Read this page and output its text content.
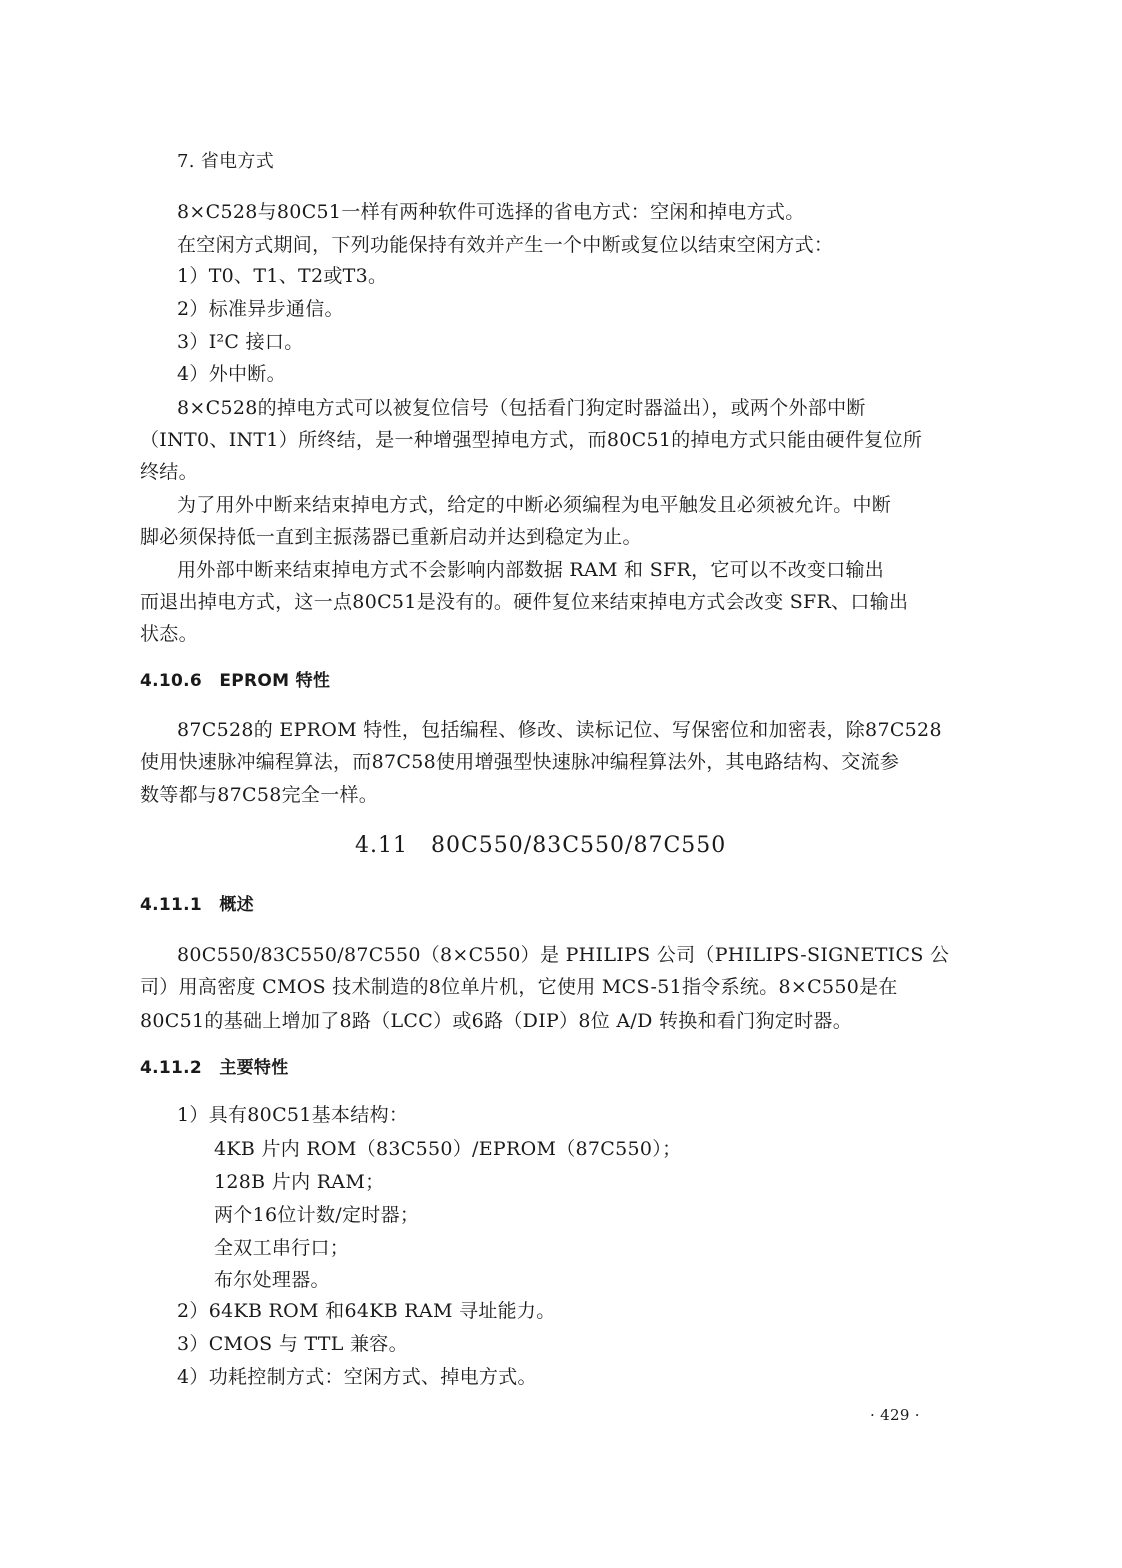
7. 省电方式
8×C528与80C51一样有两种软件可选择的省电方式：空闲和掉电方式。
在空闲方式期间，下列功能保持有效并产生一个中断或复位以结束空闲方式：
1）T0、T1、T2或T3。
2）标准异步通信。
3）I²C 接口。
4）外中断。
8×C528的掉电方式可以被复位信号（包括看门狗定时器溢出），或两个外部中断
（INT0、INT1）所终结，是一种增强型掉电方式，而80C51的掉电方式只能由硬件复位所
终结。
为了用外中断来结束掉电方式，给定的中断必须编程为电平触发且必须被允许。中断
脚必须保持低一直到主振荡器已重新启动并达到稳定为止。
用外部中断来结束掉电方式不会影响内部数据 RAM 和 SFR，它可以不改变口输出
而退出掉电方式，这一点80C51是没有的。硬件复位来结束掉电方式会改变 SFR、口输出
状态。
4.10.6　EPROM 特性
87C528的 EPROM 特性，包括编程、修改、读标记位、写保密位和加密表，除87C528
使用快速脉冲编程算法，而87C58使用增强型快速脉冲编程算法外，其电路结构、交流参
数等都与87C58完全一样。
4.11　80C550/83C550/87C550
4.11.1　概述
80C550/83C550/87C550（8×C550）是 PHILIPS 公司（PHILIPS-SIGNETICS 公
司）用高密度 CMOS 技术制造的8位单片机，它使用 MCS-51指令系统。8×C550是在
80C51的基础上增加了8路（LCC）或6路（DIP）8位 A/D 转换和看门狗定时器。
4.11.2　主要特性
1）具有80C51基本结构：
4KB 片内 ROM（83C550）/EPROM（87C550）；
128B 片内 RAM；
两个16位计数/定时器；
全双工串行口；
布尔处理器。
2）64KB ROM 和64KB RAM 寻址能力。
3）CMOS 与 TTL 兼容。
4）功耗控制方式：空闲方式、掉电方式。
· 429 ·
